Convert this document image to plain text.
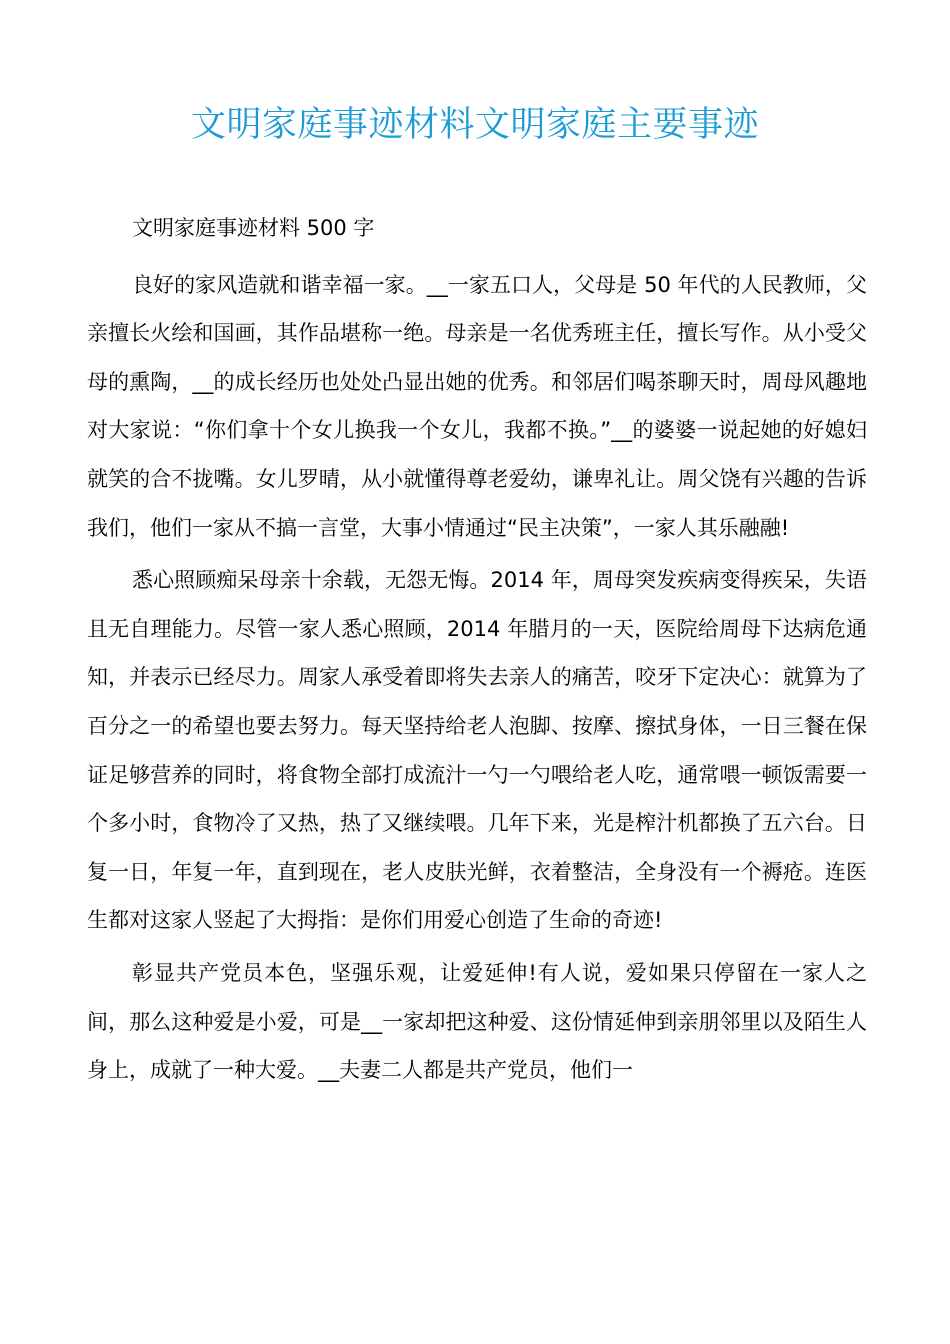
文明家庭事迹材料文明家庭主要事迹

文明家庭事迹材料 500 字

良好的家风造就和谐幸福一家。__一家五口人，父母是 50 年代的人民教师，父亲擅长火绘和国画，其作品堪称一绝。母亲是一名优秀班主任，擅长写作。从小受父母的熏陶，__的成长经历也处处凸显出她的优秀。和邻居们喝茶聊天时，周母风趣地对大家说：“你们拿十个女儿换我一个女儿，我都不换。”__的婆婆一说起她的好媳妇就笑的合不拢嘴。女儿罗晴，从小就懂得尊老爱幼，谦卑礼让。周父饶有兴趣的告诉我们，他们一家从不搞一言堂，大事小情通过“民主决策”，一家人其乐融融!

悉心照顾痴呆母亲十余载，无怨无悔。2014 年，周母突发疾病变得疾呆，失语且无自理能力。尽管一家人悉心照顾，2014 年腊月的一天，医院给周母下达病危通知，并表示已经尽力。周家人承受着即将失去亲人的痛苦，咬牙下定决心：就算为了百分之一的希望也要去努力。每天坚持给老人泡脚、按摩、擦拭身体，一日三餐在保证足够营养的同时，将食物全部打成流汁一勺一勺喂给老人吃，通常喂一顿饭需要一个多小时，食物冷了又热，热了又继续喂。几年下来，光是榨汁机都换了五六台。日复一日，年复一年，直到现在，老人皮肤光鲜，衣着整洁，全身没有一个褥疮。连医生都对这家人竖起了大拇指：是你们用爱心创造了生命的奇迹!

彰显共产党员本色，坚强乐观，让爱延伸!有人说，爱如果只停留在一家人之间，那么这种爱是小爱，可是__一家却把这种爱、这份情延伸到亲朋邻里以及陌生人身上，成就了一种大爱。__夫妻二人都是共产党员，他们一
